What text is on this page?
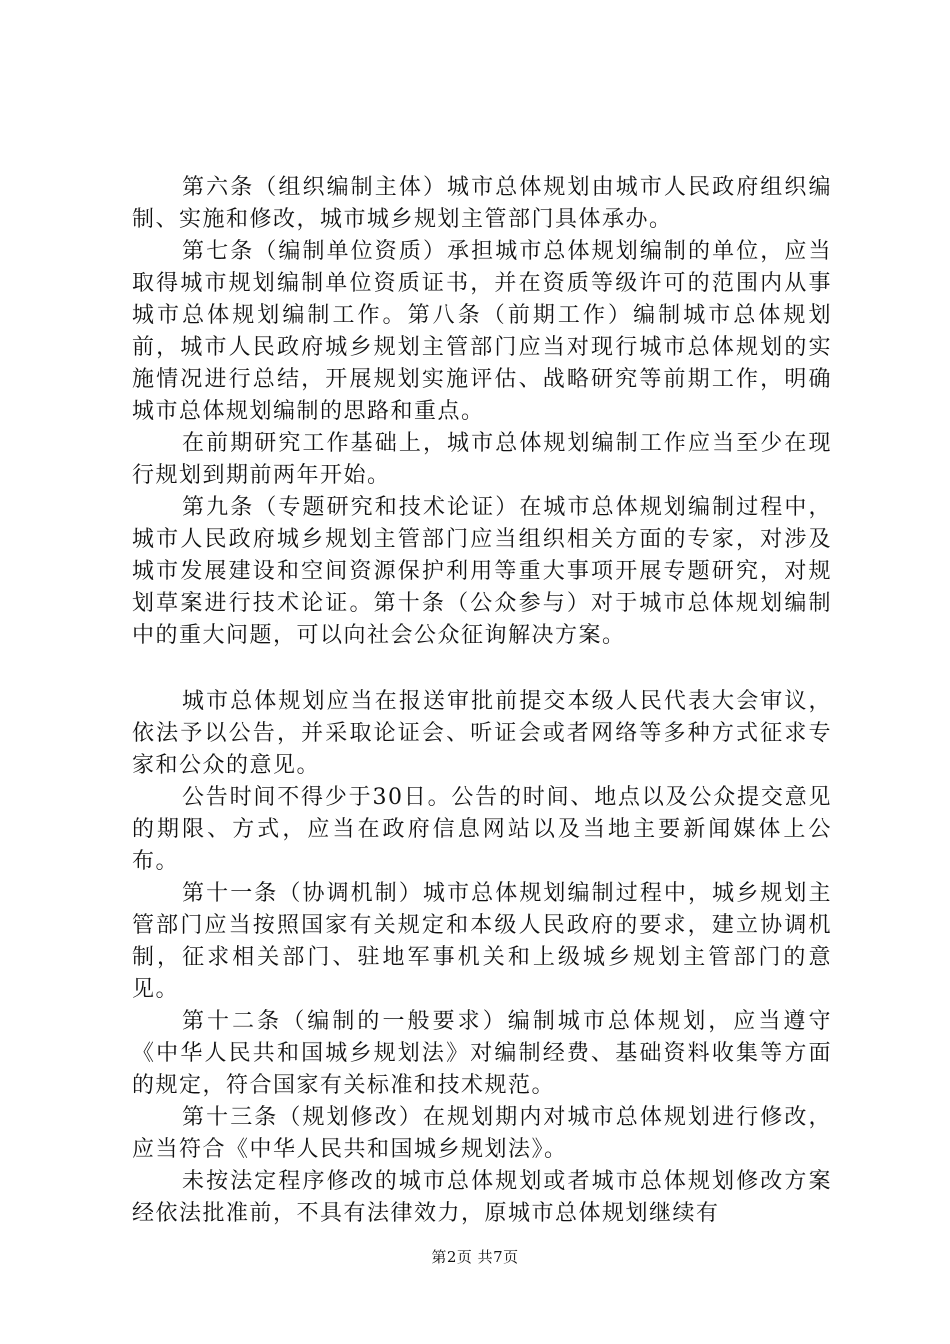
第六条（组织编制主体）城市总体规划由城市人民政府组织编制、实施和修改，城市城乡规划主管部门具体承办。

第七条（编制单位资质）承担城市总体规划编制的单位，应当取得城市规划编制单位资质证书，并在资质等级许可的范围内从事城市总体规划编制工作。第八条（前期工作）编制城市总体规划前，城市人民政府城乡规划主管部门应当对现行城市总体规划的实施情况进行总结，开展规划实施评估、战略研究等前期工作，明确城市总体规划编制的思路和重点。

在前期研究工作基础上，城市总体规划编制工作应当至少在现行规划到期前两年开始。

第九条（专题研究和技术论证）在城市总体规划编制过程中，城市人民政府城乡规划主管部门应当组织相关方面的专家，对涉及城市发展建设和空间资源保护利用等重大事项开展专题研究，对规划草案进行技术论证。第十条（公众参与）对于城市总体规划编制中的重大问题，可以向社会公众征询解决方案。

城市总体规划应当在报送审批前提交本级人民代表大会审议，依法予以公告，并采取论证会、听证会或者网络等多种方式征求专家和公众的意见。

公告时间不得少于30日。公告的时间、地点以及公众提交意见的期限、方式，应当在政府信息网站以及当地主要新闻媒体上公布。

第十一条（协调机制）城市总体规划编制过程中，城乡规划主管部门应当按照国家有关规定和本级人民政府的要求，建立协调机制，征求相关部门、驻地军事机关和上级城乡规划主管部门的意见。

第十二条（编制的一般要求）编制城市总体规划，应当遵守《中华人民共和国城乡规划法》对编制经费、基础资料收集等方面的规定，符合国家有关标准和技术规范。

第十三条（规划修改）在规划期内对城市总体规划进行修改，应当符合《中华人民共和国城乡规划法》。

未按法定程序修改的城市总体规划或者城市总体规划修改方案经依法批准前，不具有法律效力，原城市总体规划继续有

第2页 共7页
